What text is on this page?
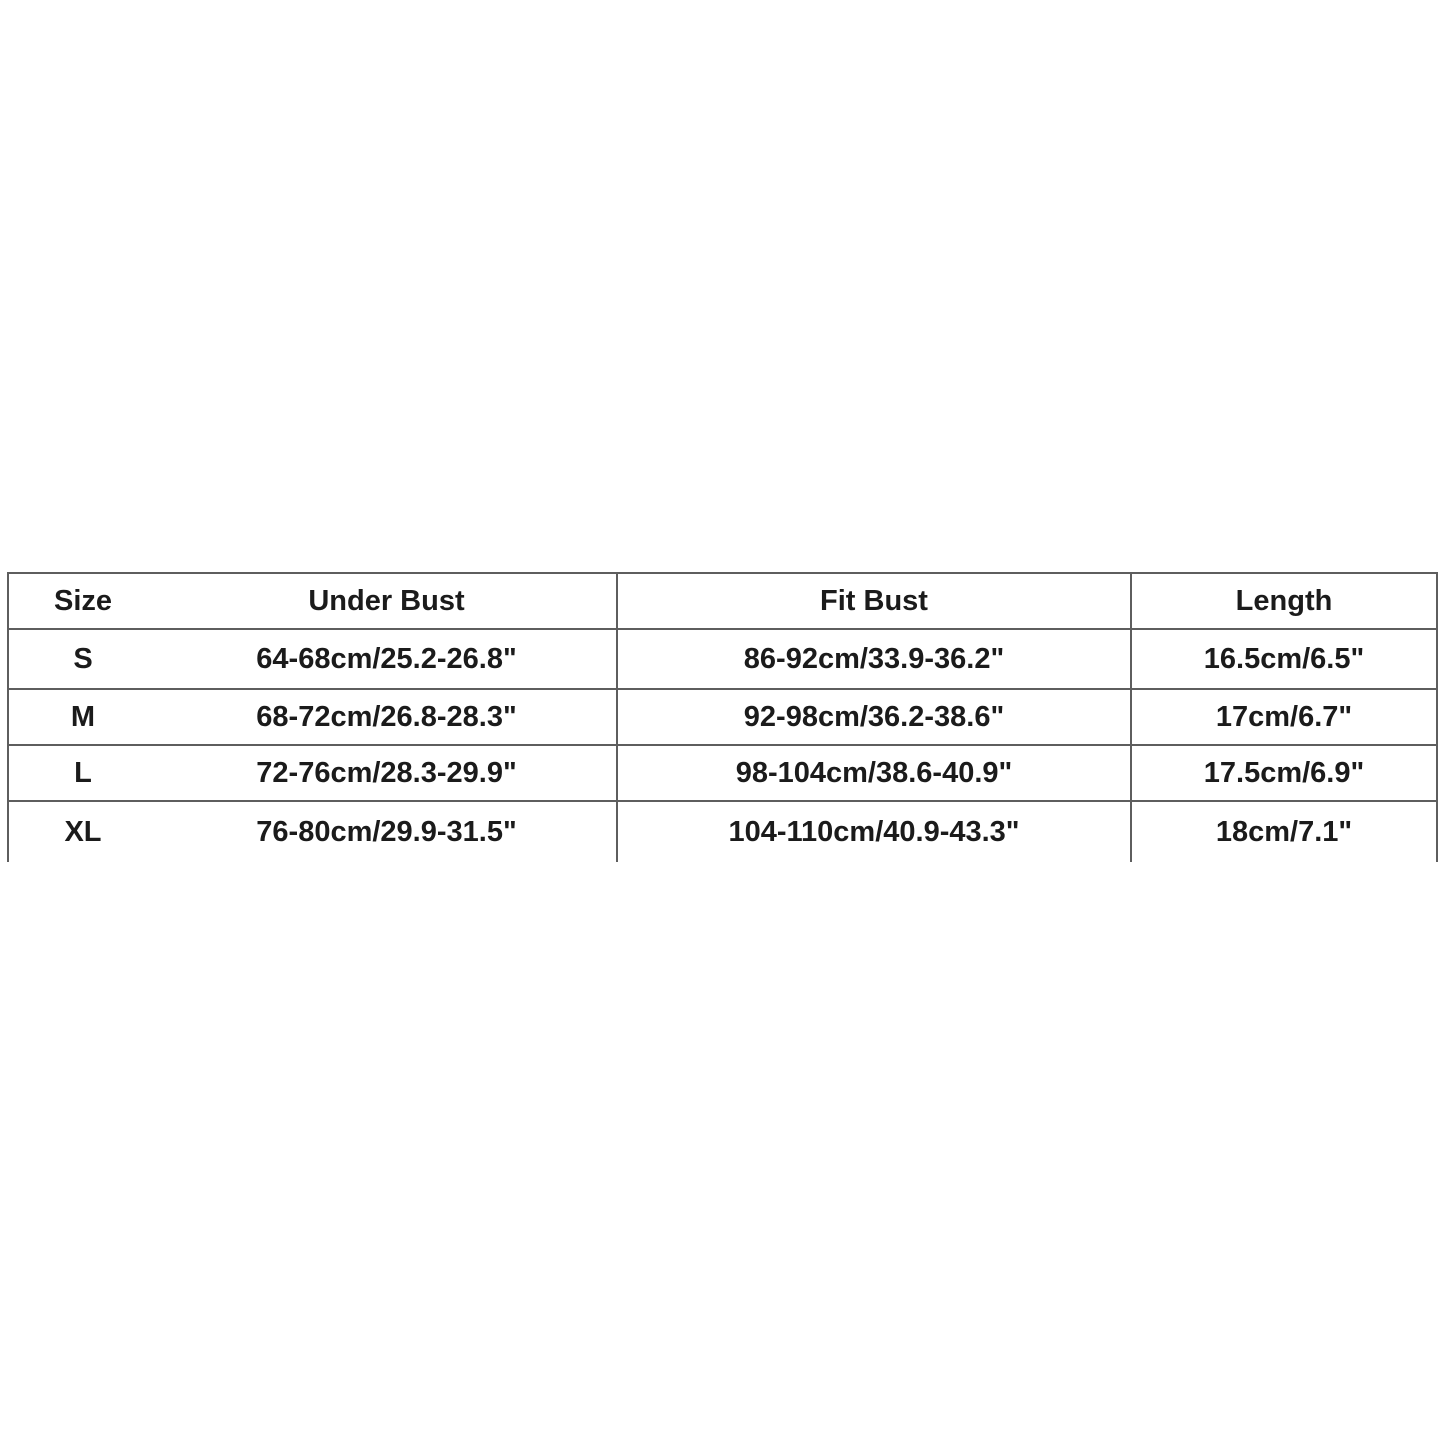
Size	Under Bust	Fit Bust	Length
S	64-68cm/25.2-26.8"	86-92cm/33.9-36.2"	16.5cm/6.5"
M	68-72cm/26.8-28.3"	92-98cm/36.2-38.6"	17cm/6.7"
L	72-76cm/28.3-29.9"	98-104cm/38.6-40.9"	17.5cm/6.9"
XL	76-80cm/29.9-31.5"	104-110cm/40.9-43.3"	18cm/7.1"
